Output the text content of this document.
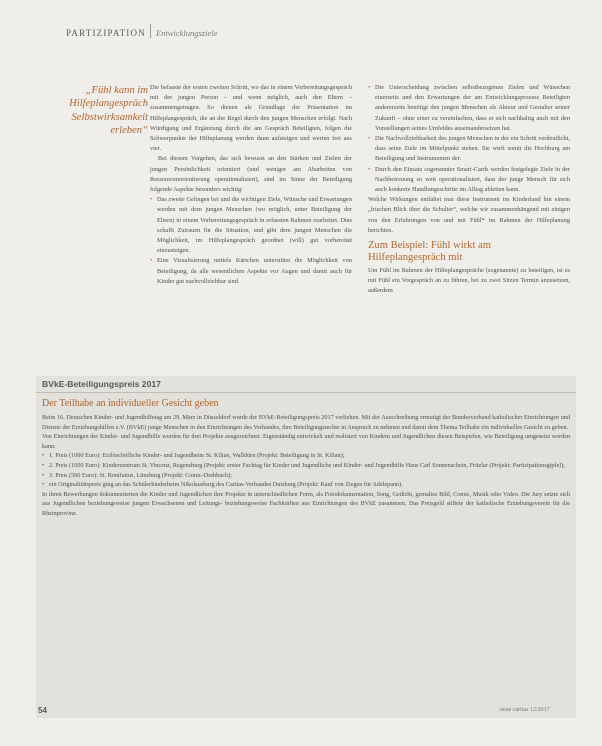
PARTIZIPATION Entwicklungsziele
„Fühl kann im Hilfeplangespräch Selbstwirksamkeit erleben“

Die befasste der ersten zweiten Schritt, wo das in einem Vorbereitungsgespräch mit der jungen Person – und wenn möglich, auch den Eltern – zusammengetragen. So dienen als Grundlage der Präsentation im Hilfeplangespräch, die an der Regel durch den jungen Menschen erfolgt. Nach Würdigung und Ergänzung durch die am Gespräch Beteiligten, folgen die Schwerpunkte der Hilfeplanung werden dann aufsteigen und werten frei aus vier.

Bei diesem Vorgehen, das sich bewusst an den Stärken und Zielen der jungen Persönlichkeit orientiert (und weniger am Abarbeiten von Ressourcenorientierung operationalisiert), sind im Sinne der Beteiligung folgende Aspekte besonders wichtig:

• Das zweite Gelingen bei und die wichtigen Ziele, Wünsche und Erwartungen werden mit dem jungen Menschen (wo möglich, unter Beteiligung der Eltern) in einem Vorbereitungsgespräch in erfassten Rahmen erarbeitet. Dies schafft Zutrauen für die Situation, und gibt dem jungen Menschen die Möglichkeit, im Hilfeplangespräch geordnet (will) gut vorbereitet einzusteigen.
• Eine Visualisierung mittels Kärtchen unterstützt die Möglichkeit von Beteiligung, da alle wesentlichen Aspekte vor Augen und damit auch für Kinder gut nachvollziehbar sind.
• Die Unterscheidung zwischen selbstbezogenen Zielen und Wünschen einerseits und den Erwartungen der am Entwicklungsprozess Beteiligten andererseits benötigt den jungen Menschen als Akteur und Gestalter seiner Zukunft – ohne einer zu vereinfachen, dass er sich nachhaltig auch mit den Vorstellungen seines Umfeldes auseinandersetzen hat.
• Die Nachvollziehbarkeit des jungen Menschen in der ein Schritt verdeutlicht, dass seine Ziele im Mittelpunkt stehen. Sie wirft somit die Hochburg am Beteiligung und Instrumenten der.
• Durch den Einsatz sogenannter Smart-Cards werden festgelegte Ziele in der Nachbetreuung so weit operationalisiert, dass der junge Mensch für sich auch konkrete Handlungsschritte im Alltag ableiten kann.

Welche Wirkungen entfaltet nun diese Instrument im Kinderland hin einem „frischen Blick über die Schulter“, welche wir zusammenhängend mit einigen von den Erfahrungen von und mit Fühl* im Rahmen der Hilfeplanung berichten.

Zum Beispiel: Fühl wirkt am Hilfeplangespräch mit

Um Fühl im Rahmen der Hilfeplangespräche (sogenannte) zu beteiligen, ist es mit Fühl ein Vorgespräch an zu führen, bei zu zwei Sitzen Termin anzusetzen, außerdem

BVkE-Beteiligungspreis 2017
Der Teilhabe an individueller Gesicht geben

Beim 16. Deutschen Kinder- und Jugendhilfetag am 29. März in Düsseldorf wurde der BVkE-Beteiligungspreis 2017 verliehen. Mit der Ausschreibung ermutigt der Bundesverband katholischer Einrichtungen und Dienste der Erziehungshilfen e.V. (BVkE) junge Menschen in den Einrichtungen des Verbandes, ihre Beteiligungsrechte in Anspruch zu nehmen und damit dem Thema Teilhabe ein individuelles Gesicht zu geben.

Von Einrichtungen der Kinder- und Jugendhilfe wurden für drei Projekte ausgezeichnet. Eigenständig entwickelt und realisiert von Kindern und Jugendlichen diesen Beispielen, wie Beteiligung umgesetzt werden kann:

• 1. Preis (1000 Euro): Erzbischöfliche Kinder- und Jugendheim St. Kilian, Walldürn (Projekt: Beteiligung in St. Kilian);
• 2. Preis (1000 Euro): Kinderzentrum St. Vincenz, Regensburg (Projekt: erster Fachtag für Kinder und Jugendliche und Kinder- und Jugendhilfe Haus Carl Sonnenschein, Fritzlar (Projekt: Partizipationsgipfel);
• 3. Preis (500 Euro): St. Bonifatius, Lüneburg (Projekt: Comic-Drehbuch);
• ein Originalitätspreis ging an das Schülerkinderheim Nikolausburg des Caritas-Verbandes Duisburg (Projekt: Kauf von Ziegen für Adelepann).

In ihren Bewerbungen dokumentierten die Kinder und Jugendlichen ihre Projekte in unterschiedlichen Form, als Fotodokumentation, Song, Gedicht, gemaltes Bild, Comic, Musik oder Video. Die Jury setzte sich aus Jugendlichen beziehungsweise jungen Erwachsenen und Leitungs- beziehungsweise Fachkräften aus Einrichtungen des BVkE zusammen. Das Preisgeld stiftete der katholische Erziehungsverein für die Rheinprovinz.

54	neue caritas 12/2017
